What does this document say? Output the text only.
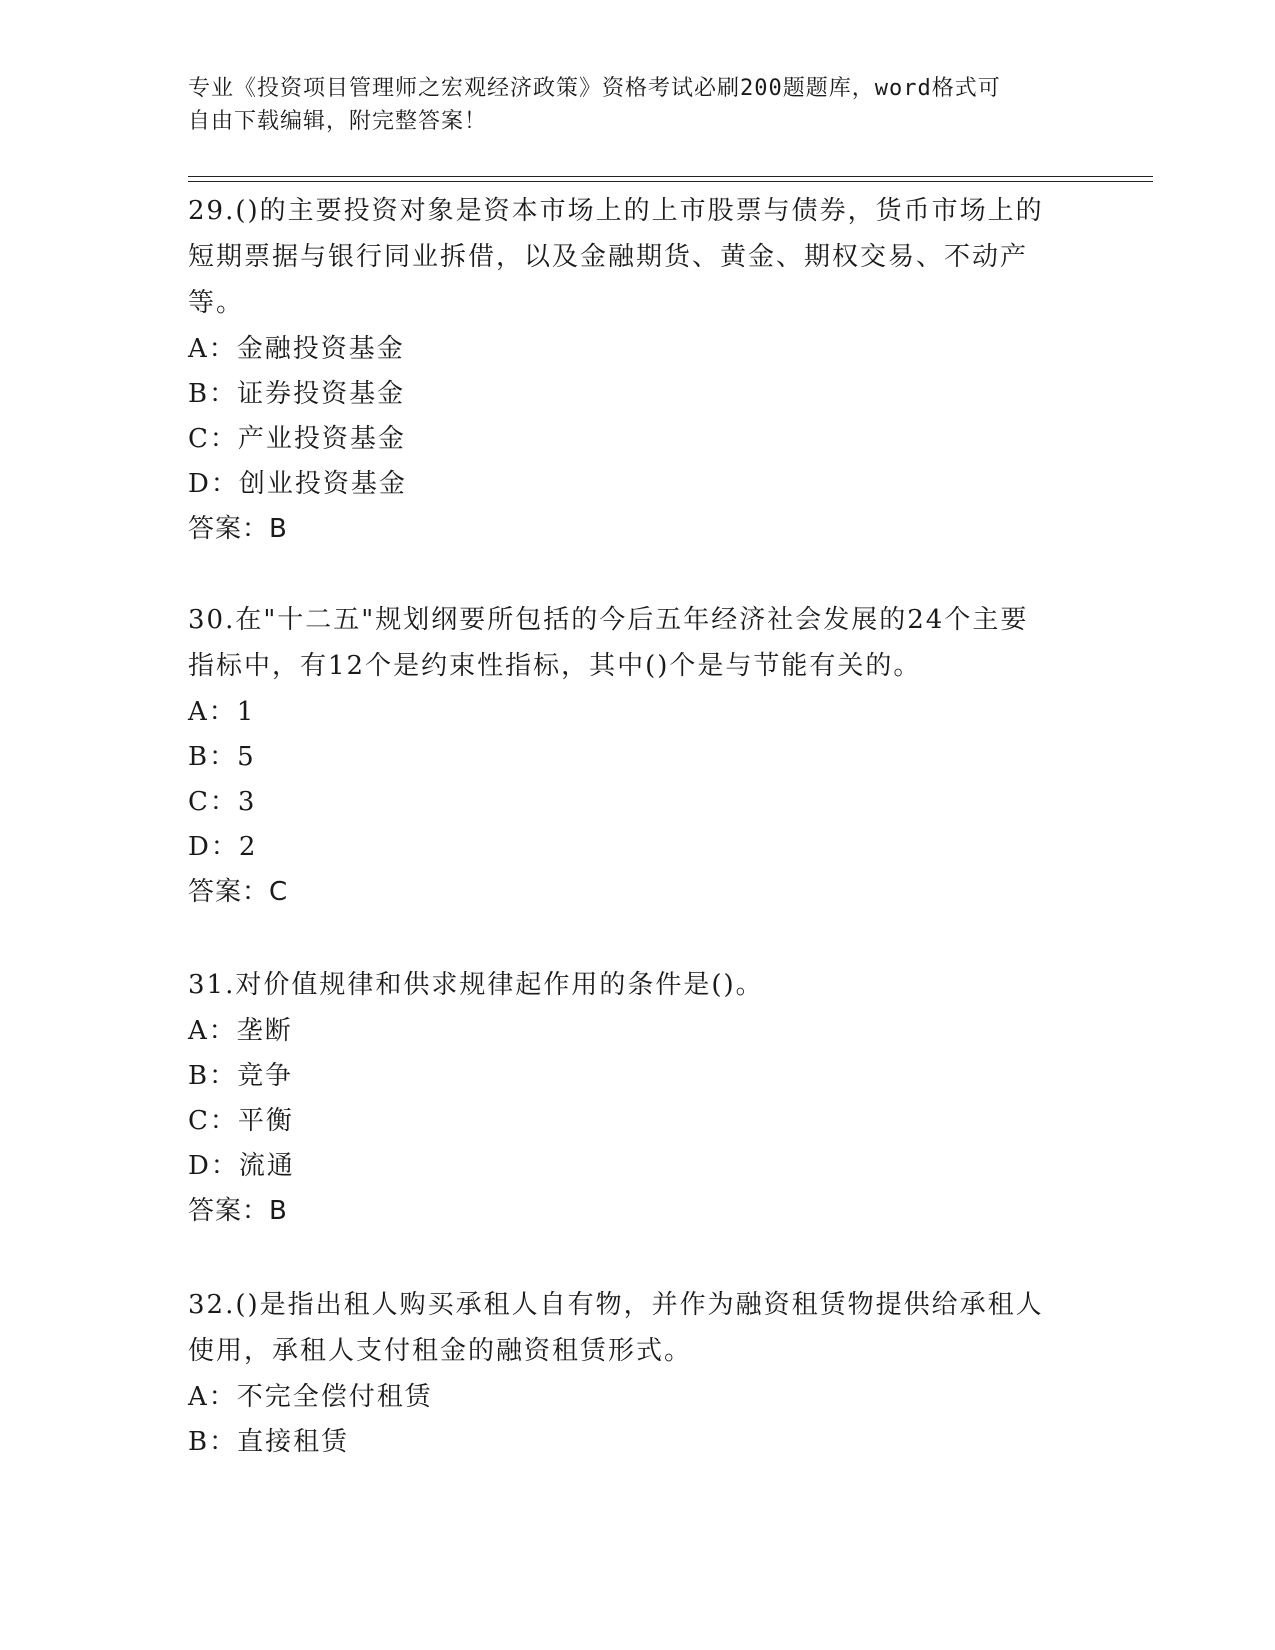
专业《投资项目管理师之宏观经济政策》资格考试必刷200题题库，word格式可
自由下载编辑，附完整答案！

29.()的主要投资对象是资本市场上的上市股票与债券，货币市场上的

短期票据与银行同业拆借，以及金融期货、黄金、期权交易、不动产

等。

A：金融投资基金

B：证券投资基金

C：产业投资基金

D：创业投资基金

答案：B

30.在"十二五"规划纲要所包括的今后五年经济社会发展的24个主要

指标中，有12个是约束性指标，其中()个是与节能有关的。

A：1

B：5

C：3

D：2

答案：C

31.对价值规律和供求规律起作用的条件是()。

A：垄断

B：竞争

C：平衡

D：流通

答案：B

32.()是指出租人购买承租人自有物，并作为融资租赁物提供给承租人

使用，承租人支付租金的融资租赁形式。

A：不完全偿付租赁

B：直接租赁
